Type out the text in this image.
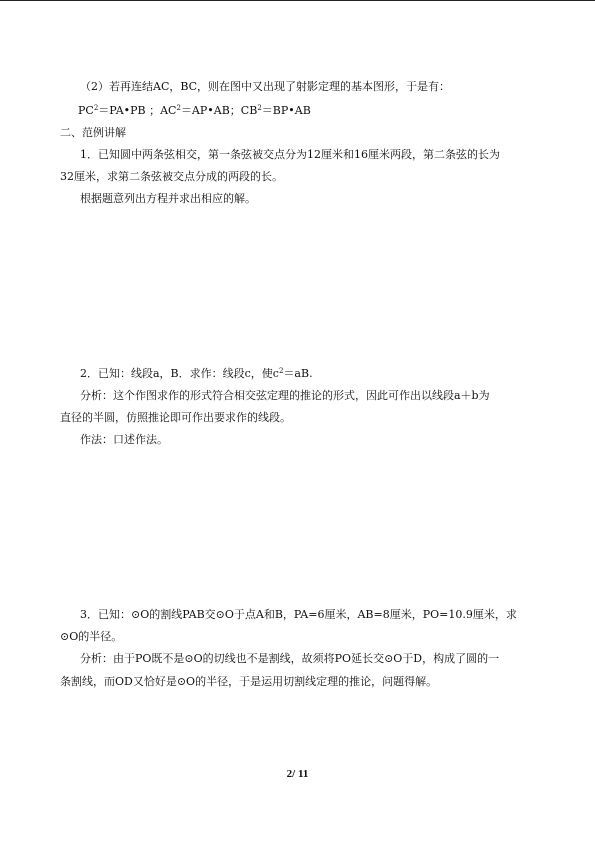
（2）若再连结AC，BC，则在图中又出现了射影定理的基本图形，于是有：
$PC^2=PA•PB$ ；$AC^2=AP•AB$；$CB^2=BP•AB$
二、范例讲解
1．已知圆中两条弦相交，第一条弦被交点分为12厘米和16厘米两段，第二条弦的长为
32厘米，求第二条弦被交点分成的两段的长。
根据题意列出方程并求出相应的解。
2．已知：线段a，B．求作：线段c，使$c^2=aB$.
分析：这个作图求作的形式符合相交弦定理的推论的形式，因此可作出以线段a＋b为
直径的半圆，仿照推论即可作出要求作的线段。
作法：口述作法。
3．已知：⊙O的割线PAB交⊙O于点A和B，PA=6厘米，AB=8厘米，PO=10.9厘米，求
⊙O的半径。
分析：由于PO既不是⊙O的切线也不是割线，故须将PO延长交⊙O于D，构成了圆的一
条割线，而OD又恰好是⊙O的半径，于是运用切割线定理的推论，问题得解。
2/ 11
